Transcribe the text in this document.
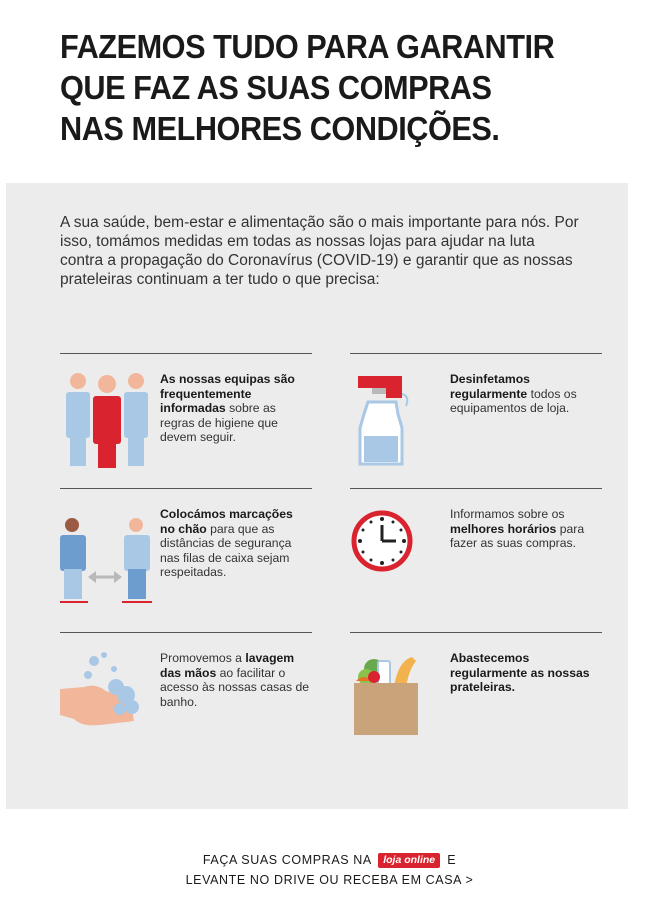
FAZEMOS TUDO PARA GARANTIR
QUE FAZ AS SUAS COMPRAS
NAS MELHORES CONDIÇÕES.

A sua saúde, bem-estar e alimentação são o mais importante para nós. Por isso, tomámos medidas em todas as nossas lojas para ajudar na luta contra a propagação do Coronavírus (COVID-19) e garantir que as nossas prateleiras continuam a ter tudo o que precisa:

As nossas equipas são frequentemente informadas sobre as regras de higiene que devem seguir.

Desinfetamos regularmente todos os equipamentos de loja.

Colocámos marcações no chão para que as distâncias de segurança nas filas de caixa sejam respeitadas.

Informamos sobre os melhores horários para fazer as suas compras.

Promovemos a lavagem das mãos ao facilitar o acesso às nossas casas de banho.

Abastecemos regularmente as nossas prateleiras.

FAÇA SUAS COMPRAS NA loja online E
LEVANTE NO DRIVE OU RECEBA EM CASA >
